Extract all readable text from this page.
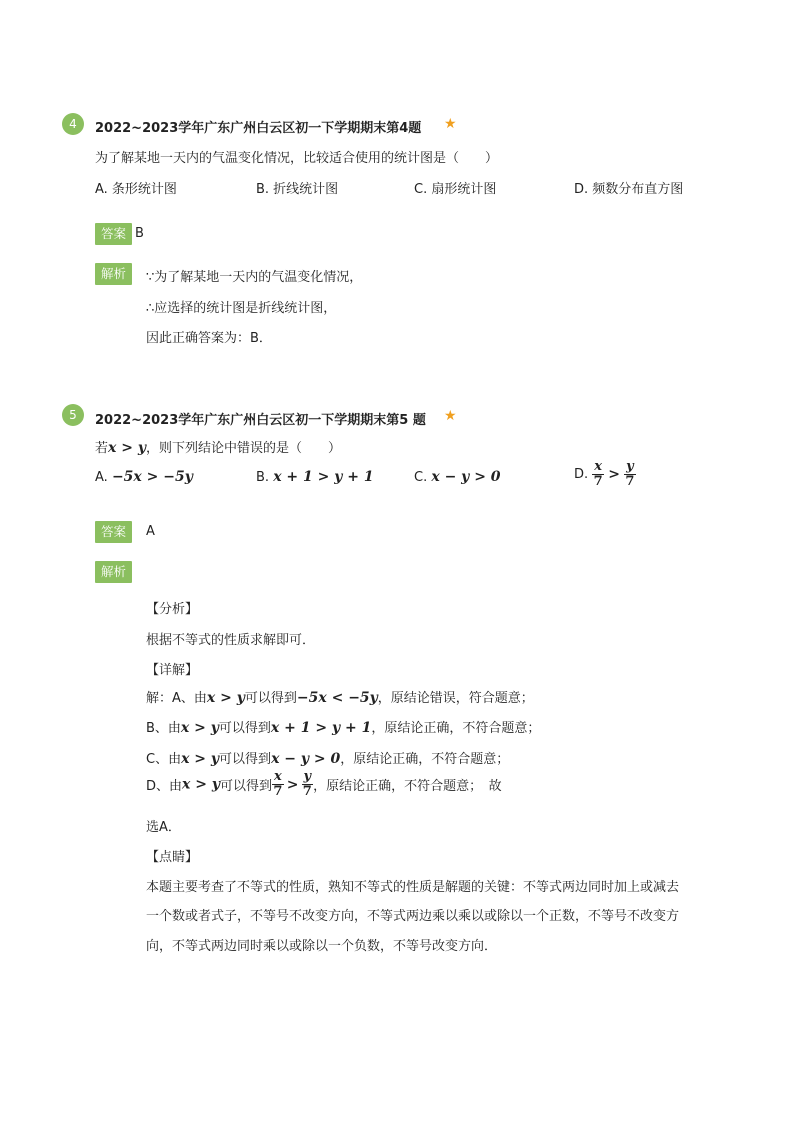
4	2022~2023学年广东广州白云区初一下学期期末第4题 ★
为了解某地一天内的气温变化情况，比较适合使用的统计图是（　　）
A. 条形统计图	B. 折线统计图	C. 扇形统计图	D. 频数分布直方图
答案 B
解析	∵为了解某地一天内的气温变化情况，
∴应选择的统计图是折线统计图，
因此正确答案为：B．
5	2022~2023学年广东广州白云区初一下学期期末第5 题 ★
若x > y，则下列结论中错误的是（　　）
A. −5x > −5y	B. x + 1 > y + 1	C. x − y > 0	D. $\frac{x}{7} > \frac{y}{7}$
答案	A
解析
【分析】
根据不等式的性质求解即可．
【详解】
解：A、由x > y可以得到−5x < −5y，原结论错误，符合题意；
B、由x > y可以得到x + 1 > y + 1，原结论正确，不符合题意；
C、由x > y可以得到x − y > 0，原结论正确，不符合题意；
D、由x > y可以得到 $\frac{x}{7} > \frac{y}{7}$ ，原结论正确，不符合题意；　故
选A．
【点睛】
本题主要考查了不等式的性质，熟知不等式的性质是解题的关键：不等式两边同时加上或减去
一个数或者式子，不等号不改变方向，不等式两边乘以乘以或除以一个正数，不等号不改变方
向，不等式两边同时乘以或除以一个负数，不等号改变方向．
